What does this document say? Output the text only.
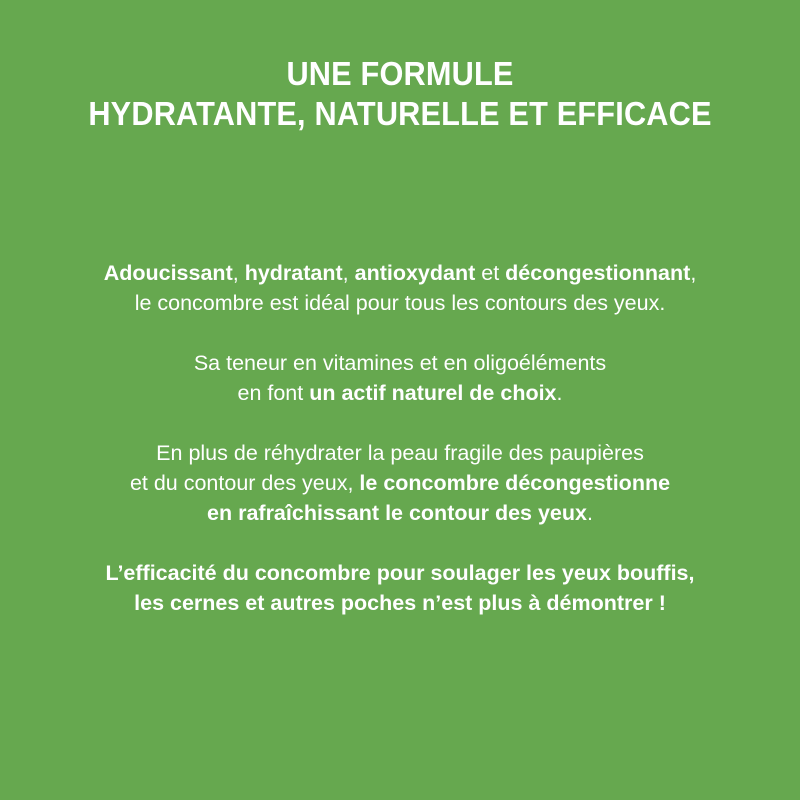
UNE FORMULE
HYDRATANTE, NATURELLE ET EFFICACE

Adoucissant, hydratant, antioxydant et décongestionnant,
le concombre est idéal pour tous les contours des yeux.

Sa teneur en vitamines et en oligoéléments
en font un actif naturel de choix.

En plus de réhydrater la peau fragile des paupières
et du contour des yeux, le concombre décongestionne
en rafraîchissant le contour des yeux.

L’efficacité du concombre pour soulager les yeux bouffis,
les cernes et autres poches n’est plus à démontrer !
